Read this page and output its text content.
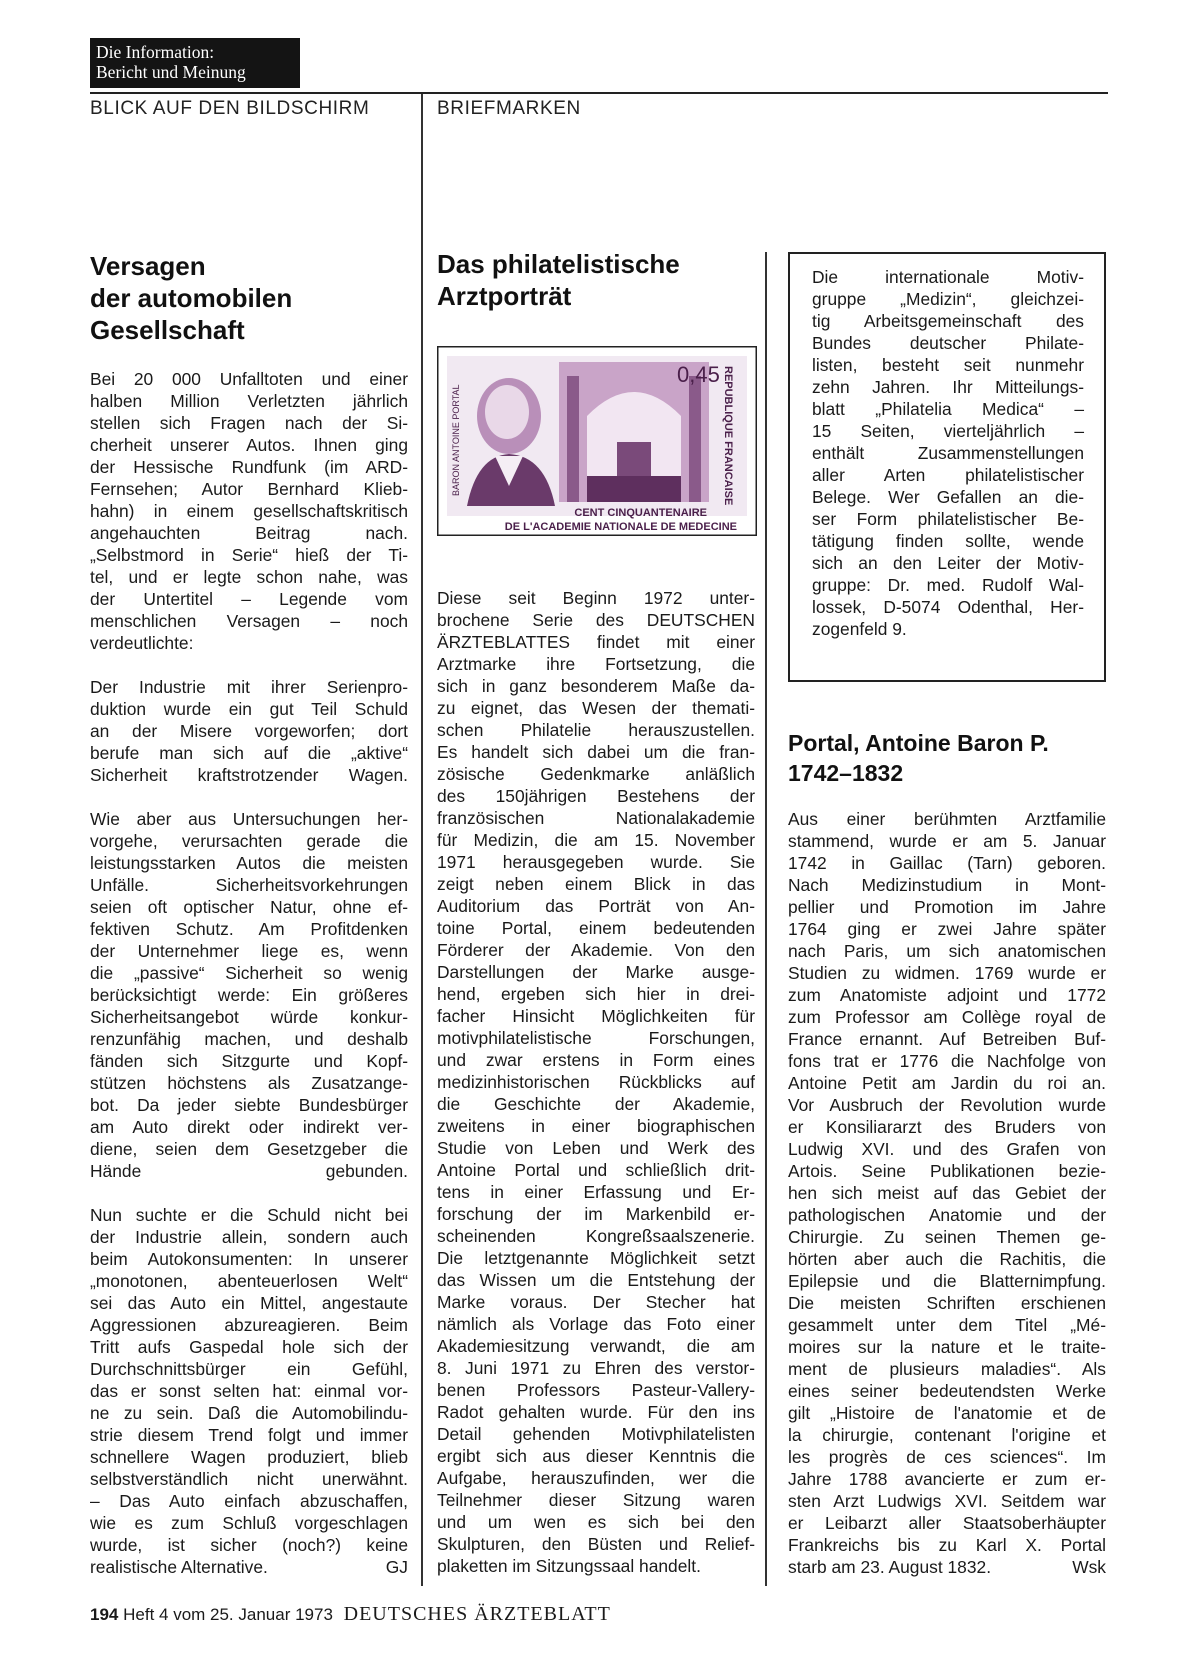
Die Information:
Bericht und Meinung
BLICK AUF DEN BILDSCHIRM	BRIEFMARKEN
Versagen
der automobilen
Gesellschaft

Bei 20 000 Unfalltoten und einer
halben Million Verletzten jährlich
stellen sich Fragen nach der Si-
cherheit unserer Autos. Ihnen ging
der Hessische Rundfunk (im ARD-
Fernsehen; Autor Bernhard Klieb-
hahn) in einem gesellschaftskritisch
angehauchten Beitrag nach.
„Selbstmord in Serie“ hieß der Ti-
tel, und er legte schon nahe, was
der Untertitel – Legende vom
menschlichen Versagen – noch
verdeutlichte:

Der Industrie mit ihrer Serienpro-
duktion wurde ein gut Teil Schuld
an der Misere vorgeworfen; dort
berufe man sich auf die „aktive“
Sicherheit kraftstrotzender Wagen.

Wie aber aus Untersuchungen her-
vorgehe, verursachten gerade die
leistungsstarken Autos die meisten
Unfälle. Sicherheitsvorkehrungen
seien oft optischer Natur, ohne ef-
fektiven Schutz. Am Profitdenken
der Unternehmer liege es, wenn
die „passive“ Sicherheit so wenig
berücksichtigt werde: Ein größeres
Sicherheitsangebot würde konkur-
renzunfähig machen, und deshalb
fänden sich Sitzgurte und Kopf-
stützen höchstens als Zusatzange-
bot. Da jeder siebte Bundesbürger
am Auto direkt oder indirekt ver-
diene, seien dem Gesetzgeber die
Hände gebunden.

Nun suchte er die Schuld nicht bei
der Industrie allein, sondern auch
beim Autokonsumenten: In unserer
„monotonen, abenteuerlosen Welt“
sei das Auto ein Mittel, angestaute
Aggressionen abzureagieren. Beim
Tritt aufs Gaspedal hole sich der
Durchschnittsbürger ein Gefühl,
das er sonst selten hat: einmal vor-
ne zu sein. Daß die Automobilindu-
strie diesem Trend folgt und immer
schnellere Wagen produziert, blieb
selbstverständlich nicht unerwähnt.
– Das Auto einfach abzuschaffen,
wie es zum Schluß vorgeschlagen
wurde, ist sicher (noch?) keine
realistische Alternative.	GJ

Das philatelistische
Arztporträt
0,45 REPUBLIQUE FRANCAISE
BARON ANTOINE PORTAL
CENT CINQUANTENAIRE
DE L'ACADEMIE NATIONALE DE MEDECINE

Diese seit Beginn 1972 unter-
brochene Serie des DEUTSCHEN
ÄRZTEBLATTES findet mit einer
Arztmarke ihre Fortsetzung, die
sich in ganz besonderem Maße da-
zu eignet, das Wesen der themati-
schen Philatelie herauszustellen.
Es handelt sich dabei um die fran-
zösische Gedenkmarke anläßlich
des 150jährigen Bestehens der
französischen Nationalakademie
für Medizin, die am 15. November
1971 herausgegeben wurde. Sie
zeigt neben einem Blick in das
Auditorium das Porträt von An-
toine Portal, einem bedeutenden
Förderer der Akademie. Von den
Darstellungen der Marke ausge-
hend, ergeben sich hier in drei-
facher Hinsicht Möglichkeiten für
motivphilatelistische Forschungen,
und zwar erstens in Form eines
medizinhistorischen Rückblicks auf
die Geschichte der Akademie,
zweitens in einer biographischen
Studie von Leben und Werk des
Antoine Portal und schließlich drit-
tens in einer Erfassung und Er-
forschung der im Markenbild er-
scheinenden Kongreßsaalszenerie.
Die letztgenannte Möglichkeit setzt
das Wissen um die Entstehung der
Marke voraus. Der Stecher hat
nämlich als Vorlage das Foto einer
Akademiesitzung verwandt, die am
8. Juni 1971 zu Ehren des verstor-
benen Professors Pasteur-Vallery-
Radot gehalten wurde. Für den ins
Detail gehenden Motivphilatelisten
ergibt sich aus dieser Kenntnis die
Aufgabe, herauszufinden, wer die
Teilnehmer dieser Sitzung waren
und um wen es sich bei den
Skulpturen, den Büsten und Relief-
plaketten im Sitzungssaal handelt.

Die internationale Motiv-
gruppe „Medizin“, gleichzei-
tig Arbeitsgemeinschaft des
Bundes deutscher Philate-
listen, besteht seit nunmehr
zehn Jahren. Ihr Mitteilungs-
blatt „Philatelia Medica“ –
15 Seiten, vierteljährlich –
enthält Zusammenstellungen
aller Arten philatelistischer
Belege. Wer Gefallen an die-
ser Form philatelistischer Be-
tätigung finden sollte, wende
sich an den Leiter der Motiv-
gruppe: Dr. med. Rudolf Wal-
lossek, D-5074 Odenthal, Her-
zogenfeld 9.

Portal, Antoine Baron P.
1742–1832

Aus einer berühmten Arztfamilie
stammend, wurde er am 5. Januar
1742 in Gaillac (Tarn) geboren.
Nach Medizinstudium in Mont-
pellier und Promotion im Jahre
1764 ging er zwei Jahre später
nach Paris, um sich anatomischen
Studien zu widmen. 1769 wurde er
zum Anatomiste adjoint und 1772
zum Professor am Collège royal de
France ernannt. Auf Betreiben Buf-
fons trat er 1776 die Nachfolge von
Antoine Petit am Jardin du roi an.
Vor Ausbruch der Revolution wurde
er Konsiliararzt des Bruders von
Ludwig XVI. und des Grafen von
Artois. Seine Publikationen bezie-
hen sich meist auf das Gebiet der
pathologischen Anatomie und der
Chirurgie. Zu seinen Themen ge-
hörten aber auch die Rachitis, die
Epilepsie und die Blatternimpfung.
Die meisten Schriften erschienen
gesammelt unter dem Titel „Mé-
moires sur la nature et le traite-
ment de plusieurs maladies“. Als
eines seiner bedeutendsten Werke
gilt „Histoire de l'anatomie et de
la chirurgie, contenant l'origine et
les progrès de ces sciences“. Im
Jahre 1788 avancierte er zum er-
sten Arzt Ludwigs XVI. Seitdem war
er Leibarzt aller Staatsoberhäupter
Frankreichs bis zu Karl X. Portal
starb am 23. August 1832.	Wsk

194 Heft 4 vom 25. Januar 1973 DEUTSCHES ÄRZTEBLATT
